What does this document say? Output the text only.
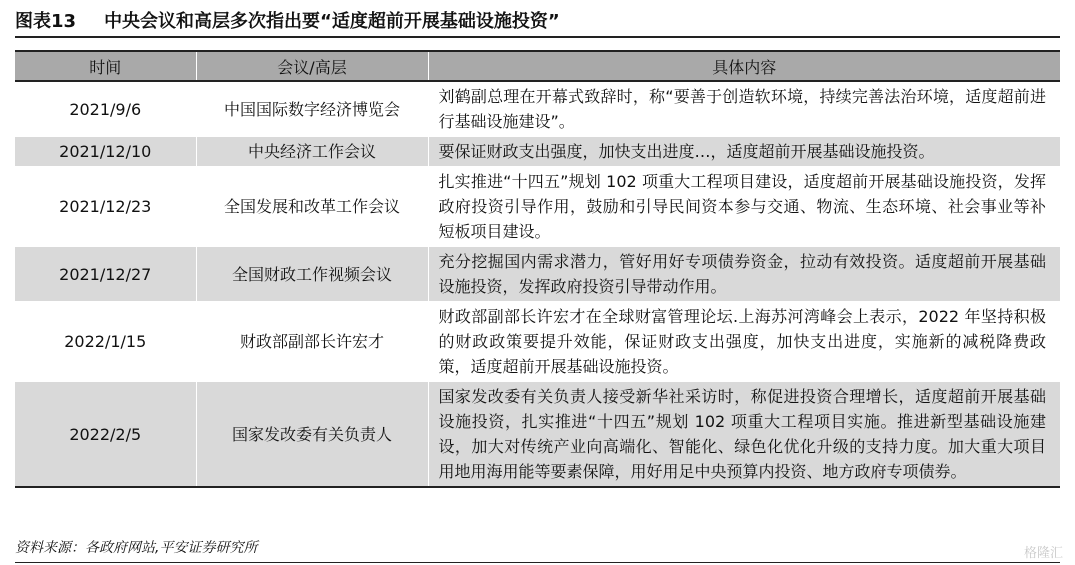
图表13 中央会议和高层多次指出要“适度超前开展基础设施投资”
时间	会议/高层	具体内容
2021/9/6	中国国际数字经济博览会	刘鹤副总理在开幕式致辞时，称“要善于创造软环境，持续完善法治环境，适度超前进行基础设施建设”。
2021/12/10	中央经济工作会议	要保证财政支出强度，加快支出进度…，适度超前开展基础设施投资。
2021/12/23	全国发展和改革工作会议	扎实推进“十四五”规划 102 项重大工程项目建设，适度超前开展基础设施投资，发挥政府投资引导作用，鼓励和引导民间资本参与交通、物流、生态环境、社会事业等补短板项目建设。
2021/12/27	全国财政工作视频会议	充分挖掘国内需求潜力，管好用好专项债券资金，拉动有效投资。适度超前开展基础设施投资，发挥政府投资引导带动作用。
2022/1/15	财政部副部长许宏才	财政部副部长许宏才在全球财富管理论坛.上海苏河湾峰会上表示，2022 年坚持积极的财政政策要提升效能，保证财政支出强度，加快支出进度，实施新的减税降费政策，适度超前开展基础设施投资。
2022/2/5	国家发改委有关负责人	国家发改委有关负责人接受新华社采访时，称促进投资合理增长，适度超前开展基础设施投资，扎实推进“十四五”规划 102 项重大工程项目实施。推进新型基础设施建设，加大对传统产业向高端化、智能化、绿色化优化升级的支持力度。加大重大项目用地用海用能等要素保障，用好用足中央预算内投资、地方政府专项债券。
资料来源：各政府网站,平安证券研究所	格隆汇
